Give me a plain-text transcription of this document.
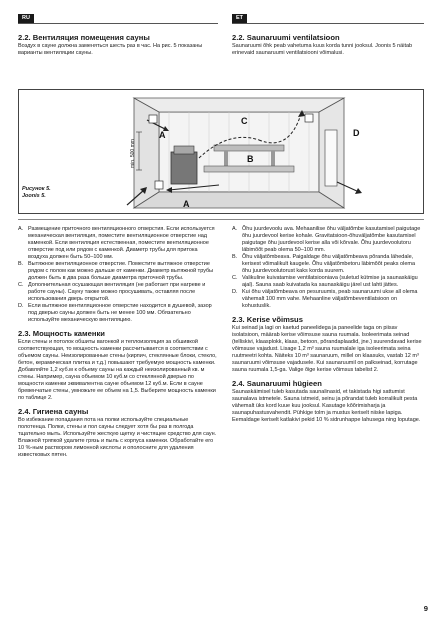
RU	ET
2.2. Вентиляция помещения сауны

Воздух в сауне должна заменяться шесть раз в час. На рис. 5 показаны варианты вентиляции сауны.

2.2. Saunaruumi ventilatsioon

Saunaruumi õhk peab vahetuma kuus korda tunni jooksul. Joonis 5 näitab erinevaid saunaruumi ventilatsiooni võimalusi.

A
B
C
D
A
min. 500 mm
Рисунок 5.
Joonis 5.
A. Размещение приточного вентиляционного отверстия. Если используется механическая вентиляция, поместите вентиляционное отверстие над каменкой. Если вентиляция естественная, поместите вентиляционное отверстие под или рядом с каменкой. Диаметр трубы для притока воздуха должен быть 50–100 мм.
B. Вытяжное вентиляционное отверстие. Поместите вытяжное отверстие рядом с полом как можно дальше от каменки. Диаметр вытяжной трубы должен быть в два раза больше диаметра приточной трубы.
C. Дополнительная осушающая вентиляция (не работает при нагреве и работе сауны). Сауну также можно просушивать, оставляя после использования дверь открытой.
D. Если вытяжное вентиляционное отверстие находится в душевой, зазор под дверью сауны должен быть не менее 100 мм. Обязательно используйте механическую вентиляцию.
2.3. Мощность каменки

Если стены и потолок обшиты вагонкой и теплоизоляция за обшивкой соответствующая, то мощность каменки рассчитывается в соответствии с объемом сауны. Неизолированные стены (кирпич, стеклянные блоки, стекло, бетон, керамическая плитка и т.д.) повышают требуемую мощность каменки. Добавляйте 1,2 куб.м к объему сауны на каждый неизолированный кв. м стены. Например, сауна объемом 10 куб.м со стеклянной дверью по мощности каменки эквивалентна сауне объемом 12 куб.м. Если в сауне бревенчатые стены, умножьте ее объем на 1,5. Выберите мощность каменки по таблице 2.

2.4. Гигиена сауны

Во избежание попадания пота на полки используйте специальные полотенца. Полки, стены и пол сауны следует хотя бы раз в полгода тщательно мыть. Используйте жесткую щетку и чистящее средство для саун. Влажной тряпкой удалите грязь и пыль с корпуса каменки. Обработайте его 10 %-ным раствором лимонной кислоты и ополосните для удаления известковых пятен.

A. Õhu juurdevoolu ava. Mehaanilise õhu väljatõmbe kasutamisel paigutage õhu juurdevool kerise kohale. Gravitatsioon-õhuväljatõmbe kasutamisel paigutage õhu juurdevool kerise alla või kõrvale. Õhu juurdevoolutoru läbimõõt peab olema 50–100 mm.
B. Õhu väljatõmbeava. Paigaldage õhu väljatõmbeava põranda lähedale, kerisest võimalikult kaugele. Õhu väljatõmbetoru läbimõõt peaks olema õhu juurdevoolutorust kaks korda suurem.
C. Valikuline kuivatamise ventilatsiooniava (suletud kütmise ja saunaskäigu ajal). Sauna saab kuivatada ka saunaskäigu järel ust lahti jättes.
D. Kui õhu väljatõmbeava on pesuruumis, peab saunaruumi ukse all olema vähemalt 100 mm vahe. Mehaanline väljatõmbeventilatsioon on kohustuslik.
2.3. Kerise võimsus

Kui seinad ja lagi on kaetud paneelidega ja paneelide taga on piisav isolatsioon, määrab kerise võimsuse sauna ruumala. Isoleerimata seinad (telliskivi, klaasplokk, klaas, betoon, põrandaplaadid, jne.) suurendavad kerise võimsuse vajadust. Lisage 1,2 m³ sauna ruumalale iga isoleerimata seina ruutmeetri kohta. Näiteks 10 m³ saunaruum, millel on klaasuks, vastab 12 m³ saunaruumi võimsuse vajadusele. Kui saunaruumil on palkseinad, korrutage sauna ruumala 1,5-ga. Valige õige kerise võimsus tabelist 2.

2.4. Saunaruumi hügieen

Saunaskäimisel tuleb kasutada saunalinasid, et takistada higi sattumist saunalava istmetele. Sauna istmeid, seinu ja põrandat tuleb korralikult pesta vähemalt üks kord kuue kuu jooksul. Kasutage kõõrimisharja ja saunapuhastusvahendit. Pühkige tolm ja mustus keriselt niiske lapiga. Eemaldage keriselt katlakivi pekid 10 % sidrunhappe lahusega ning loputage.

9
